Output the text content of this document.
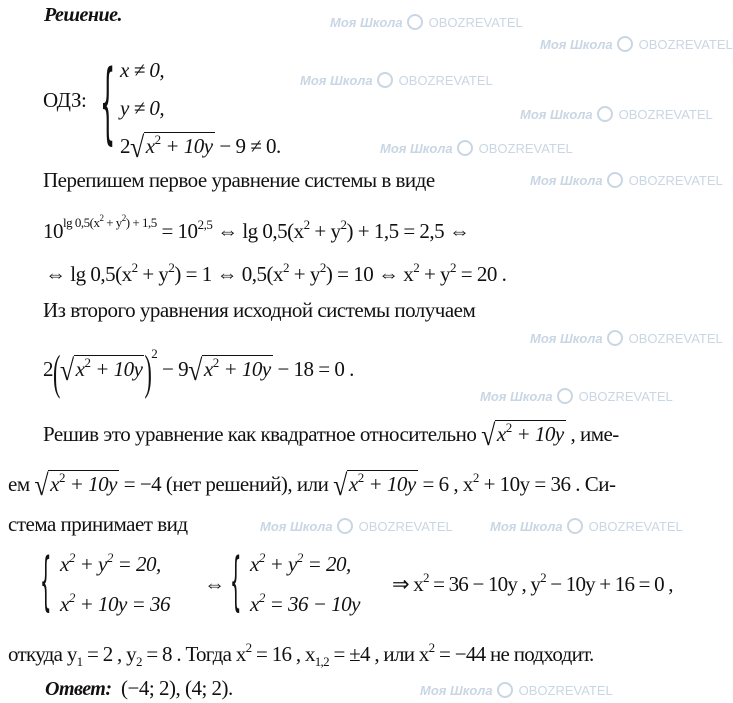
Моя Школа OBOZREVATEL
Моя Школа OBOZREVATEL
Моя Школа OBOZREVATEL
Моя Школа OBOZREVATEL
Моя Школа OBOZREVATEL
Моя Школа OBOZREVATEL
Моя Школа OBOZREVATEL
Моя Школа OBOZREVATEL
Моя Школа OBOZREVATEL	Моя Школа OBOZREVATEL
Моя Школа OBOZREVATEL
Решение.
ОДЗ: { x ≠ 0,
y ≠ 0,
$2√x^2 + 10y - 9 \ne 0$.
Перепишем первое уравнение системы в виде
$10^{lg 0,5(x^2 + y^2) + 1,5} = 10^{2,5}$ ⇔ $\lg 0,5(x^2 + y^2) + 1,5 = 2,5$ ⇔
⇔ $\lg 0,5(x^2 + y^2) = 1$ ⇔ $0,5(x^2 + y^2) = 10$ ⇔ $x^2 + y^2 = 20$ .
Из второго уравнения исходной системы получаем
$2(√x^2 + 10y)^2 - 9√x^2 + 10y - 18 = 0$ .
Решив это уравнение как квадратное относительно $√x^2 + 10y$ , име-
ем $√x^2 + 10y = -4$ (нет решений), или $√x^2 + 10y = 6$ , $x^2 + 10y = 36$ . Си-
стема принимает вид
{ $x^2 + y^2 = 20$,
$x^2 + 10y = 36$
⇔ { $x^2 + y^2 = 20$,
$x^2 = 36 - 10y$
⇒ $x^2 = 36 - 10y$ , $y^2 - 10y + 16 = 0$ ,
откуда $y_1 = 2$ , $y_2 = 8$ . Тогда $x^2 = 16$ , $x_{1,2} = \pm 4$ , или $x^2 = -44$ не подходит.
Ответ: (−4; 2), (4; 2).
